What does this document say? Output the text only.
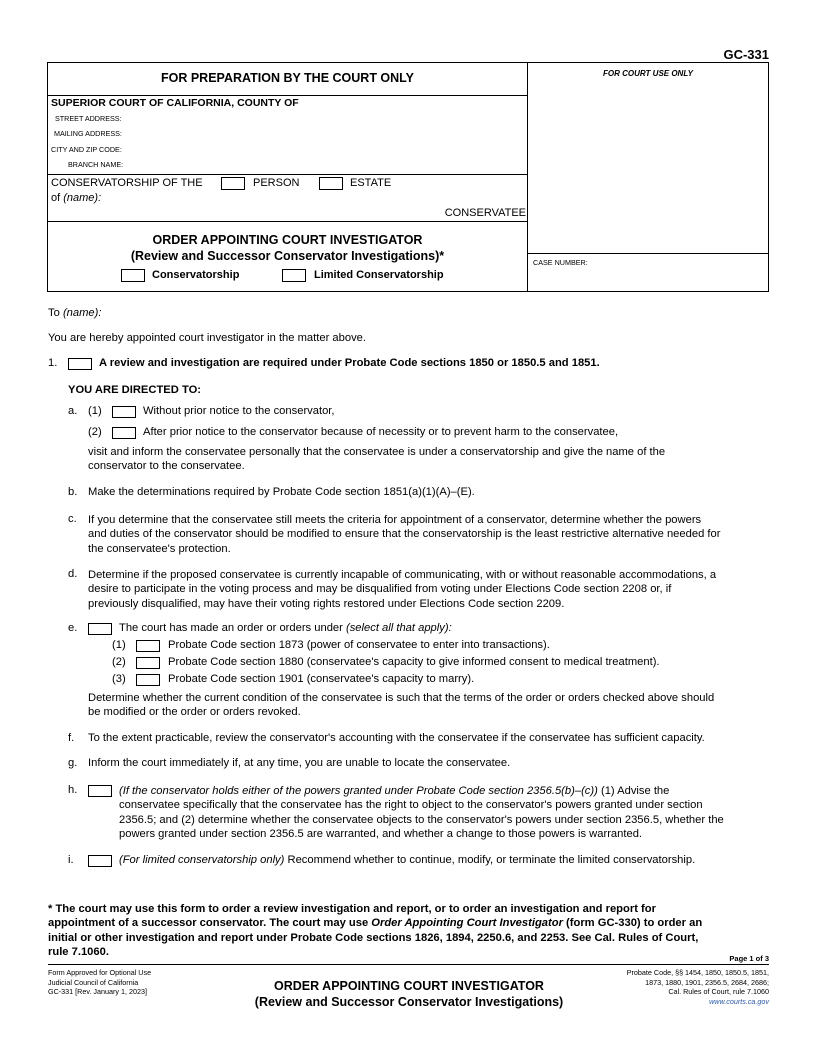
GC-331
FOR PREPARATION BY THE COURT ONLY	FOR COURT USE ONLY
SUPERIOR COURT OF CALIFORNIA, COUNTY OF
STREET ADDRESS:
MAILING ADDRESS:
CITY AND ZIP CODE:
BRANCH NAME:
CONSERVATORSHIP OF THE	PERSON	ESTATE
of (name):
CONSERVATEE
ORDER APPOINTING COURT INVESTIGATOR
(Review and Successor Conservator Investigations)*
Conservatorship	Limited Conservatorship
CASE NUMBER:
To (name):
You are hereby appointed court investigator in the matter above.
1.	A review and investigation are required under Probate Code sections 1850 or 1850.5 and 1851.
YOU ARE DIRECTED TO:
a. (1)	Without prior notice to the conservator,
(2)	After prior notice to the conservator because of necessity or to prevent harm to the conservatee,
visit and inform the conservatee personally that the conservatee is under a conservatorship and give the name of the
conservator to the conservatee.
b. Make the determinations required by Probate Code section 1851(a)(1)(A)–(E).
c. If you determine that the conservatee still meets the criteria for appointment of a conservator, determine whether the powers
and duties of the conservator should be modified to ensure that the conservatorship is the least restrictive alternative needed for
the conservatee's protection.
d. Determine if the proposed conservatee is currently incapable of communicating, with or without reasonable accommodations, a
desire to participate in the voting process and may be disqualified from voting under Elections Code section 2208 or, if
previously disqualified, may have their voting rights restored under Elections Code section 2209.
e.	The court has made an order or orders under (select all that apply):
(1)	Probate Code section 1873 (power of conservatee to enter into transactions).
(2)	Probate Code section 1880 (conservatee's capacity to give informed consent to medical treatment).
(3)	Probate Code section 1901 (conservatee's capacity to marry).
Determine whether the current condition of the conservatee is such that the terms of the order or orders checked above should
be modified or the order or orders revoked.
f. To the extent practicable, review the conservator's accounting with the conservatee if the conservatee has sufficient capacity.
g. Inform the court immediately if, at any time, you are unable to locate the conservatee.
h.	(If the conservator holds either of the powers granted under Probate Code section 2356.5(b)–(c)) (1) Advise the
conservatee specifically that the conservatee has the right to object to the conservator's powers granted under section
2356.5; and (2) determine whether the conservatee objects to the conservator's powers under section 2356.5, whether the
powers granted under section 2356.5 are warranted, and whether a change to those powers is warranted.
i.	(For limited conservatorship only) Recommend whether to continue, modify, or terminate the limited conservatorship.
* The court may use this form to order a review investigation and report, or to order an investigation and report for
appointment of a successor conservator. The court may use Order Appointing Court Investigator (form GC-330) to order an
initial or other investigation and report under Probate Code sections 1826, 1894, 2250.6, and 2253. See Cal. Rules of Court,
rule 7.1060.
Page 1 of 3
Form Approved for Optional Use
Judicial Council of California
GC-331 [Rev. January 1, 2023]	ORDER APPOINTING COURT INVESTIGATOR
(Review and Successor Conservator Investigations)
Probate Code, §§ 1454, 1850, 1850.5, 1851,
1873, 1880, 1901, 2356.5, 2684, 2686;
Cal. Rules of Court, rule 7.1060
www.courts.ca.gov
